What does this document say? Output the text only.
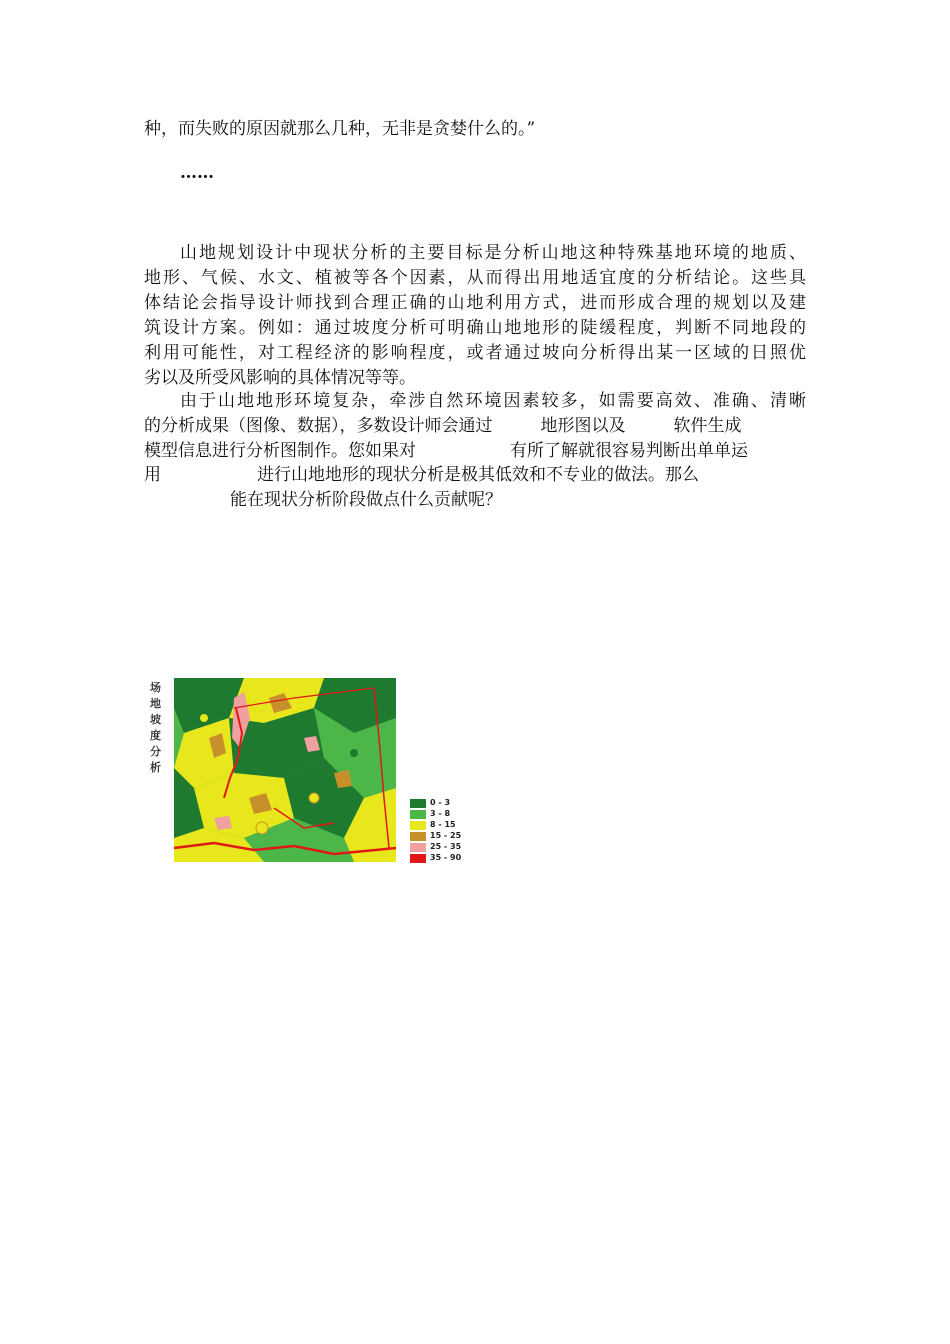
种，而失败的原因就那么几种，无非是贪婪什么的。”
……
山地规划设计中现状分析的主要目标是分析山地这种特殊基地环境的地质、
地形、气候、水文、植被等各个因素，从而得出用地适宜度的分析结论。这些具
体结论会指导设计师找到合理正确的山地利用方式，进而形成合理的规划以及建
筑设计方案。例如：通过坡度分析可明确山地地形的陡缓程度，判断不同地段的
利用可能性，对工程经济的影响程度，或者通过坡向分析得出某一区域的日照优
劣以及所受风影响的具体情况等等。
由于山地地形环境复杂，牵涉自然环境因素较多，如需要高效、准确、清晰
的分析成果（图像、数据），多数设计师会通过	地形图以及	软件生成
模型信息进行分析图制作。您如果对	有所了解就很容易判断出单单运
用	进行山地地形的现状分析是极其低效和不专业的做法。那么
能在现状分析阶段做点什么贡献呢？
场地坡度分析
0 - 3
3 - 8
8 - 15
15 - 25
25 - 35
35 - 90
